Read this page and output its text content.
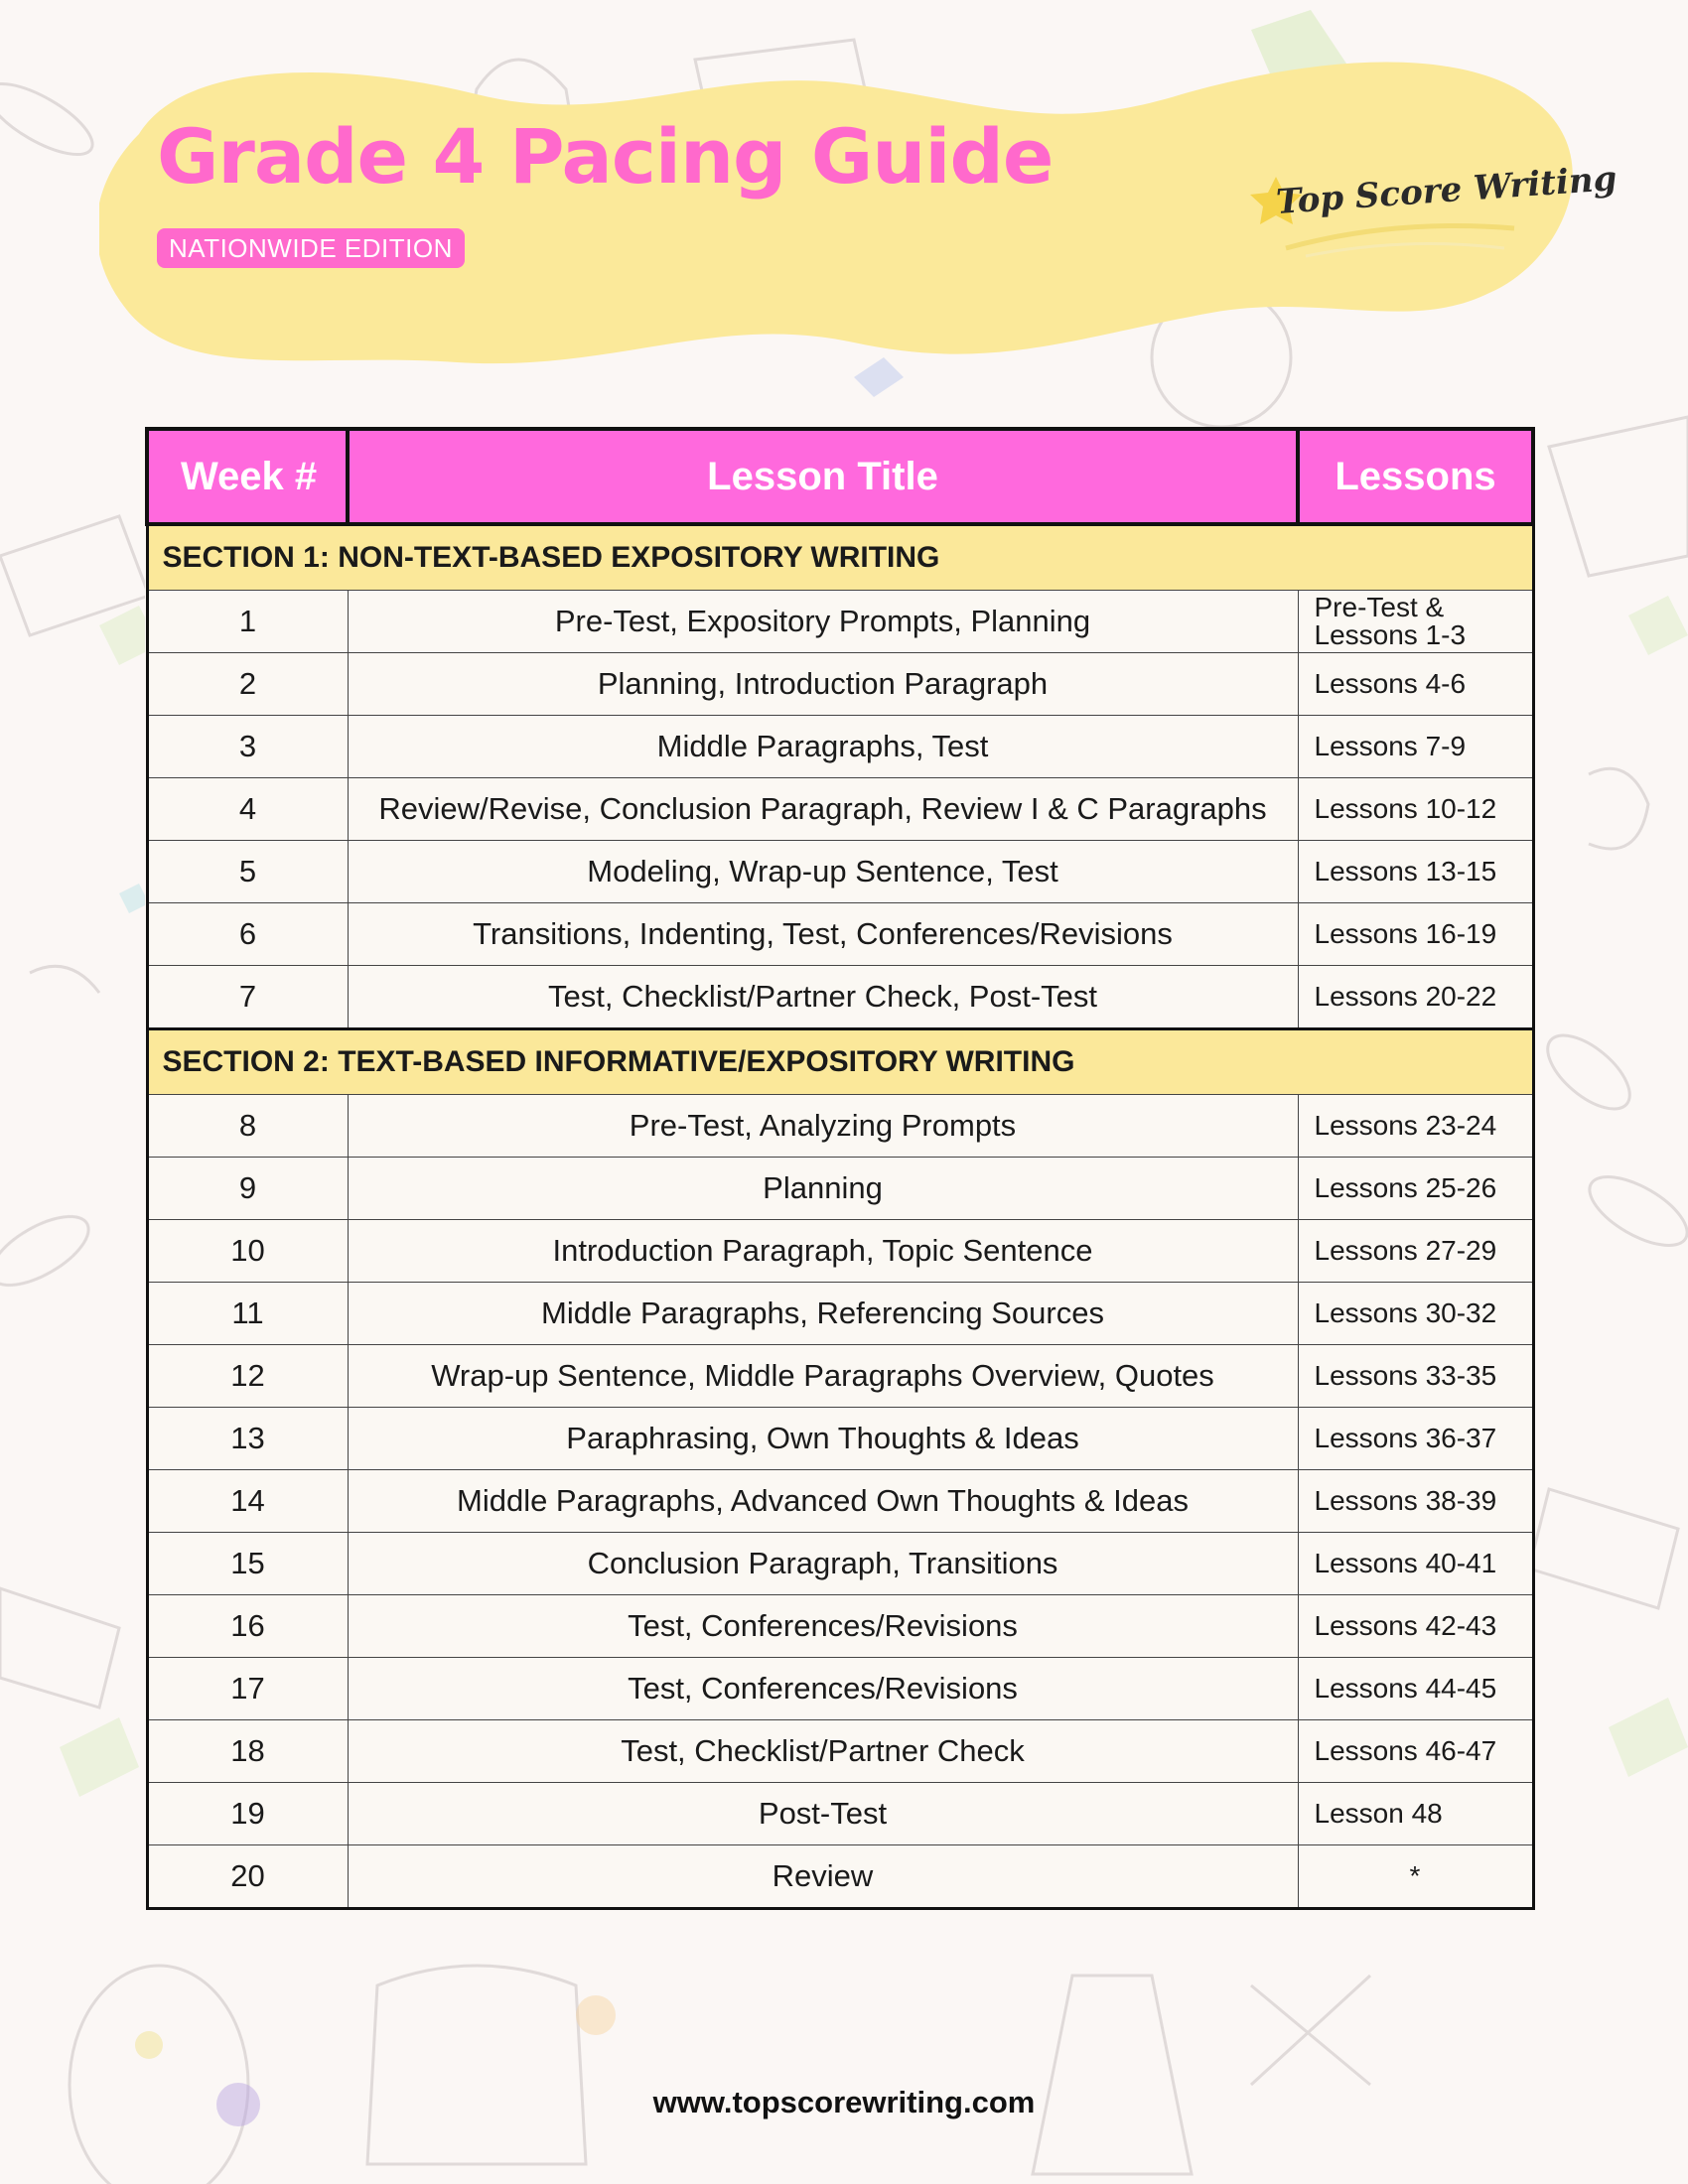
Grade 4 Pacing Guide
NATIONWIDE EDITION
Top Score Writing
Week #	Lesson Title	Lessons
SECTION 1: NON-TEXT-BASED EXPOSITORY WRITING		
1	Pre-Test, Expository Prompts, Planning	Pre-Test & Lessons 1-3
2	Planning, Introduction Paragraph	Lessons 4-6
3	Middle Paragraphs, Test	Lessons 7-9
4	Review/Revise, Conclusion Paragraph, Review I & C Paragraphs	Lessons 10-12
5	Modeling, Wrap-up Sentence, Test	Lessons 13-15
6	Transitions, Indenting, Test, Conferences/Revisions	Lessons 16-19
7	Test, Checklist/Partner Check, Post-Test	Lessons 20-22
SECTION 2: TEXT-BASED INFORMATIVE/EXPOSITORY WRITING		
8	Pre-Test, Analyzing Prompts	Lessons 23-24
9	Planning	Lessons 25-26
10	Introduction Paragraph, Topic Sentence	Lessons 27-29
11	Middle Paragraphs, Referencing Sources	Lessons 30-32
12	Wrap-up Sentence, Middle Paragraphs Overview, Quotes	Lessons 33-35
13	Paraphrasing, Own Thoughts & Ideas	Lessons 36-37
14	Middle Paragraphs, Advanced Own Thoughts & Ideas	Lessons 38-39
15	Conclusion Paragraph, Transitions	Lessons 40-41
16	Test, Conferences/Revisions	Lessons 42-43
17	Test, Conferences/Revisions	Lessons 44-45
18	Test, Checklist/Partner Check	Lessons 46-47
19	Post-Test	Lesson 48
20	Review	*
www.topscorewriting.com
